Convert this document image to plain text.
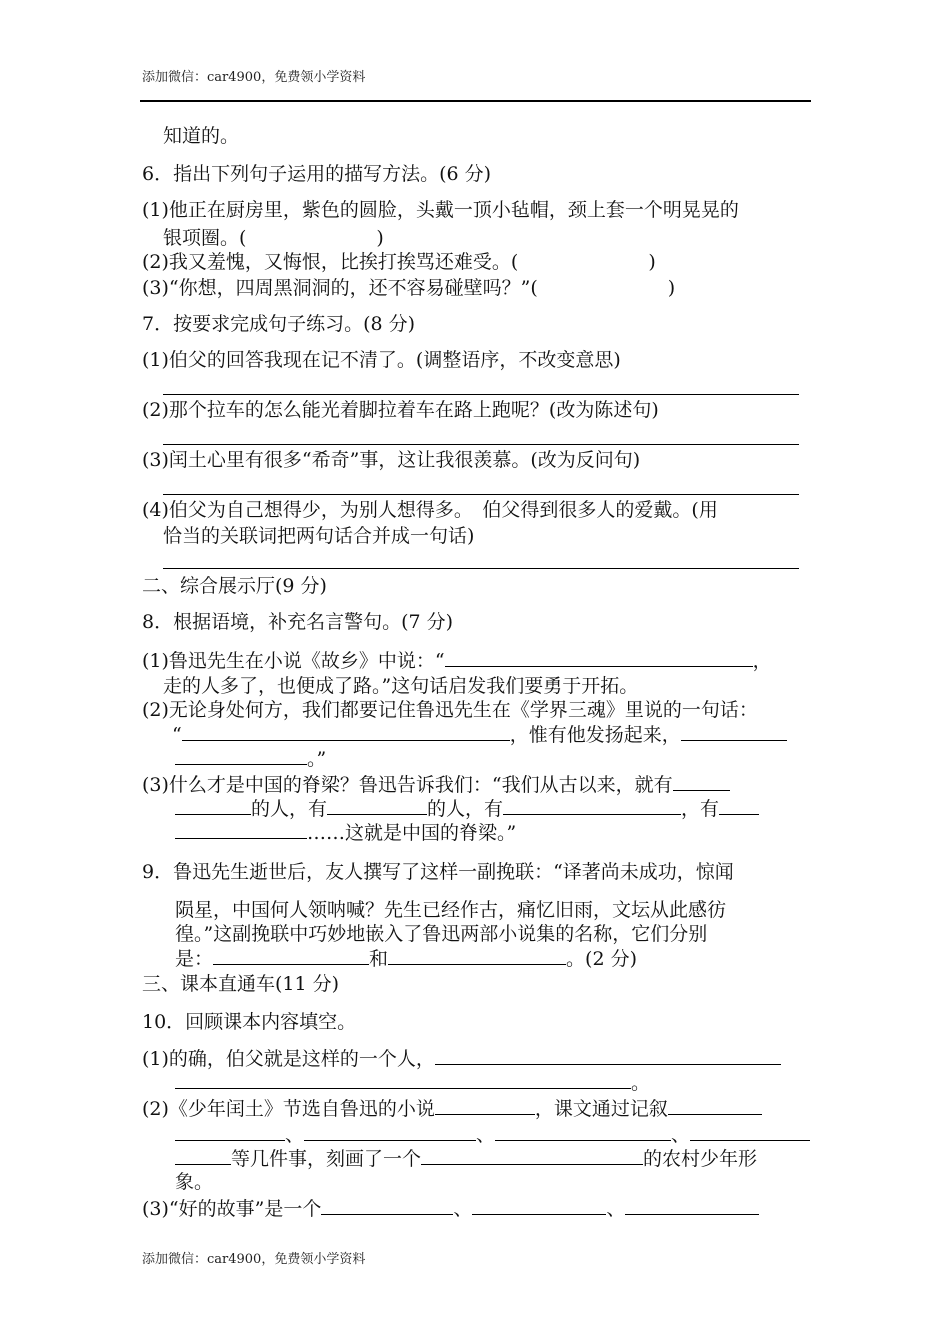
添加微信：car4900，免费领小学资料
知道的。
6．指出下列句子运用的描写方法。(6 分)
(1)他正在厨房里，紫色的圆脸，头戴一顶小毡帽，颈上套一个明晃晃的
银项圈。(	)
(2)我又羞愧，又悔恨，比挨打挨骂还难受。(	)
(3)“你想，四周黑洞洞的，还不容易碰壁吗？”(	)
7．按要求完成句子练习。(8 分)
(1)伯父的回答我现在记不清了。(调整语序，不改变意思)
(2)那个拉车的怎么能光着脚拉着车在路上跑呢？(改为陈述句)
(3)闰土心里有很多“希奇”事，这让我很羡慕。(改为反问句)
(4)伯父为自己想得少，为别人想得多。　伯父得到很多人的爱戴。(用
恰当的关联词把两句话合并成一句话)
二、综合展示厅(9 分)
8．根据语境，补充名言警句。(7 分)
(1)鲁迅先生在小说《故乡》中说：“	，
走的人多了，也便成了路。”这句话启发我们要勇于开拓。
(2)无论身处何方，我们都要记住鲁迅先生在《学界三魂》里说的一句话：
“	，惟有他发扬起来，
。”
(3)什么才是中国的脊梁？鲁迅告诉我们：“我们从古以来，就有
的人，有	的人，有	，有
……这就是中国的脊梁。”
9．鲁迅先生逝世后，友人撰写了这样一副挽联：“译著尚未成功，惊闻
陨星，中国何人领呐喊？先生已经作古，痛忆旧雨，文坛从此感彷
徨。”这副挽联中巧妙地嵌入了鲁迅两部小说集的名称，它们分别
是：	和	。(2 分)
三、课本直通车(11 分)
10．回顾课本内容填空。
(1)的确，伯父就是这样的一个人，
。
(2)《少年闰土》节选自鲁迅的小说	，课文通过记叙
、	、	、
等几件事，刻画了一个	的农村少年形
象。
(3)“好的故事”是一个	、	、
添加微信：car4900，免费领小学资料
